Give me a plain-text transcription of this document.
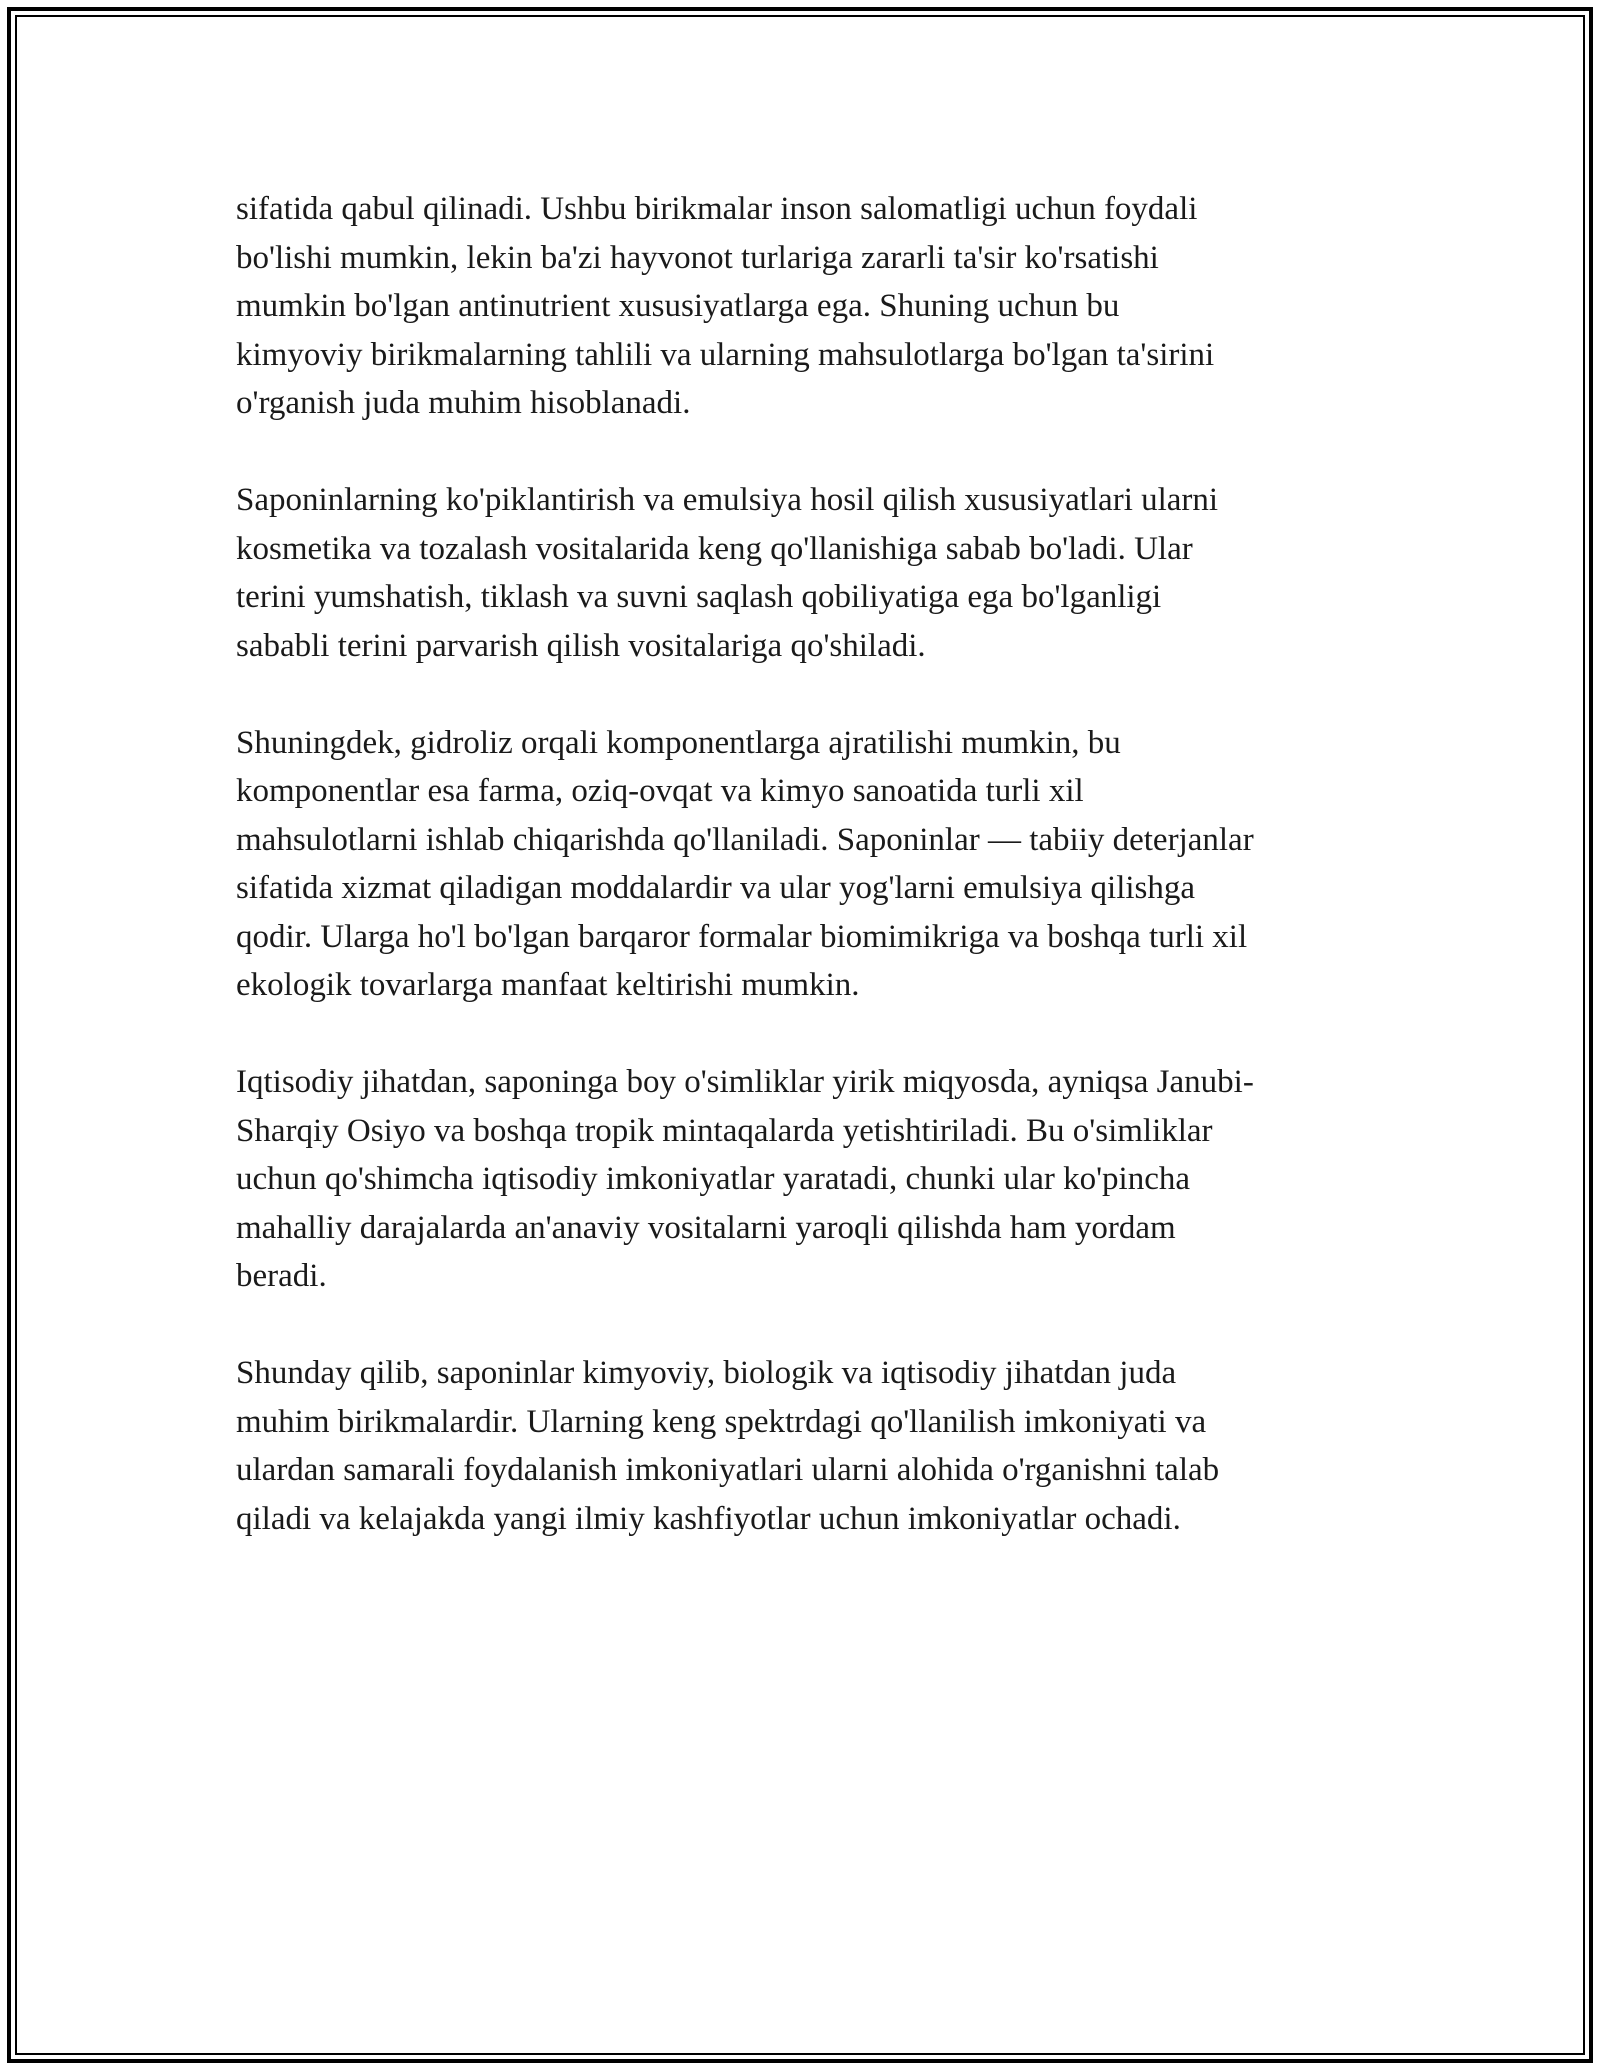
sifatida qabul qilinadi. Ushbu birikmalar inson salomatligi uchun foydali
bo'lishi mumkin, lekin ba'zi hayvonot turlariga zararli ta'sir ko'rsatishi
mumkin bo'lgan antinutrient xususiyatlarga ega. Shuning uchun bu
kimyoviy birikmalarning tahlili va ularning mahsulotlarga bo'lgan ta'sirini
o'rganish juda muhim hisoblanadi.

Saponinlarning ko'piklantirish va emulsiya hosil qilish xususiyatlari ularni
kosmetika va tozalash vositalarida keng qo'llanishiga sabab bo'ladi. Ular
terini yumshatish, tiklash va suvni saqlash qobiliyatiga ega bo'lganligi
sababli terini parvarish qilish vositalariga qo'shiladi.

Shuningdek, gidroliz orqali komponentlarga ajratilishi mumkin, bu
komponentlar esa farma, oziq-ovqat va kimyo sanoatida turli xil
mahsulotlarni ishlab chiqarishda qo'llaniladi. Saponinlar — tabiiy deterjanlar
sifatida xizmat qiladigan moddalardir va ular yog'larni emulsiya qilishga
qodir. Ularga ho'l bo'lgan barqaror formalar biomimikriga va boshqa turli xil
ekologik tovarlarga manfaat keltirishi mumkin.

Iqtisodiy jihatdan, saponinga boy o'simliklar yirik miqyosda, ayniqsa Janubi-
Sharqiy Osiyo va boshqa tropik mintaqalarda yetishtiriladi. Bu o'simliklar
uchun qo'shimcha iqtisodiy imkoniyatlar yaratadi, chunki ular ko'pincha
mahalliy darajalarda an'anaviy vositalarni yaroqli qilishda ham yordam
beradi.

Shunday qilib, saponinlar kimyoviy, biologik va iqtisodiy jihatdan juda
muhim birikmalardir. Ularning keng spektrdagi qo'llanilish imkoniyati va
ulardan samarali foydalanish imkoniyatlari ularni alohida o'rganishni talab
qiladi va kelajakda yangi ilmiy kashfiyotlar uchun imkoniyatlar ochadi.
